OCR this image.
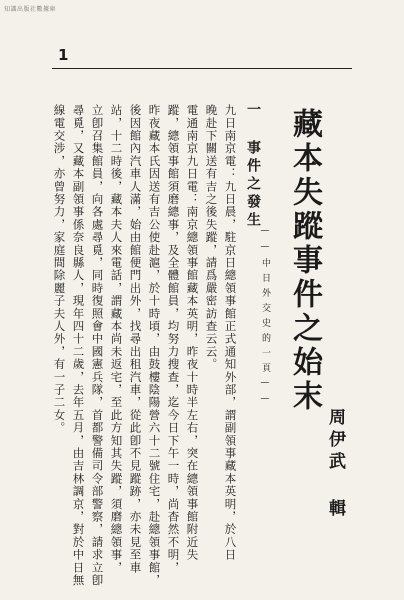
知識出版社數據庫
1
周伊武 輯
藏本失蹤事件之始末
——中日外交史的一頁——
一 事件之發生
九日南京電：九日晨，駐京日總領事館正式通知外部，謂副領事藏本英明，於八日
晚赴下關送有吉之後失蹤，請爲嚴密訪查云云。
電通南京九日電：南京總領事館藏本英明，昨夜十時半左右，突在總領事館附近失
蹤，總領事館須磨總事，及全體館員，均努力搜查，迄今日下午一時，尚杳然不明，
昨夜藏本氏因送有吉公使赴滬，於十時頃，由鼓樓陰陽營六十二號住宅，赴總領事館，
後因館內汽車人滿，始由館便門出外，找尋出租汽車，從此卽不見蹤跡，亦未見至車
站，十二時後，藏本夫人來電話，謂藏本尚未返宅，至此方知其失蹤，須磨總領事，
立卽召集館員，向各處尋覓，同時復照會中國憲兵隊，首都警備司令部警察，請求立卽
尋覓，又藏本副領事係奈良縣人，現年四十二歲，去年五月，由吉林調京，對於中日無
線電交涉，亦曾努力，家庭間除麗子夫人外，有一子二女。
